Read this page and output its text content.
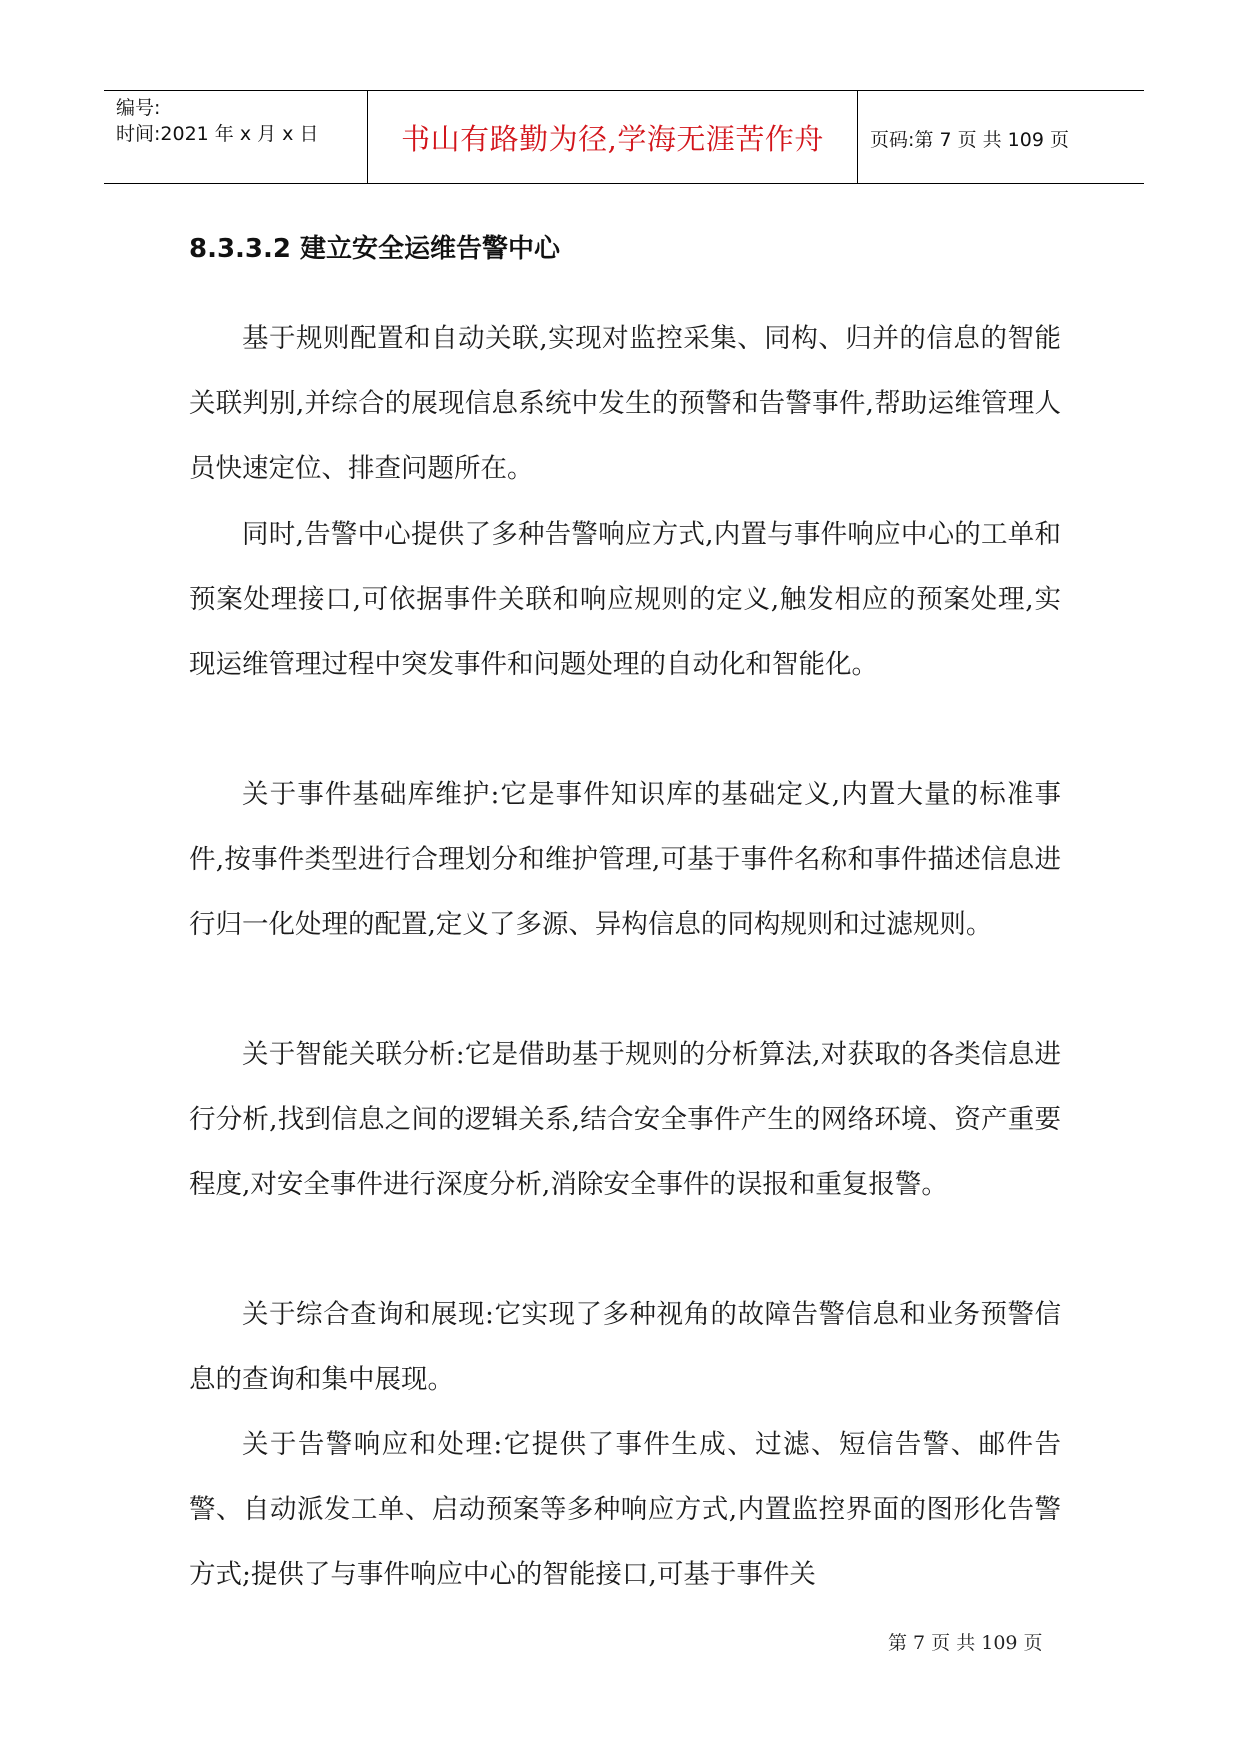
编号:
时间:2021 年 x 月 x 日	书山有路勤为径,学海无涯苦作舟	页码:第 7 页 共 109 页
8.3.3.2 建立安全运维告警中心

基于规则配置和自动关联,实现对监控采集、同构、归并的信息的智能关联判别,并综合的展现信息系统中发生的预警和告警事件,帮助运维管理人员快速定位、排查问题所在。

同时,告警中心提供了多种告警响应方式,内置与事件响应中心的工单和预案处理接口,可依据事件关联和响应规则的定义,触发相应的预案处理,实现运维管理过程中突发事件和问题处理的自动化和智能化。

关于事件基础库维护:它是事件知识库的基础定义,内置大量的标准事件,按事件类型进行合理划分和维护管理,可基于事件名称和事件描述信息进行归一化处理的配置,定义了多源、异构信息的同构规则和过滤规则。

关于智能关联分析:它是借助基于规则的分析算法,对获取的各类信息进行分析,找到信息之间的逻辑关系,结合安全事件产生的网络环境、资产重要程度,对安全事件进行深度分析,消除安全事件的误报和重复报警。

关于综合查询和展现:它实现了多种视角的故障告警信息和业务预警信息的查询和集中展现。

关于告警响应和处理:它提供了事件生成、过滤、短信告警、邮件告警、自动派发工单、启动预案等多种响应方式,内置监控界面的图形化告警方式;提供了与事件响应中心的智能接口,可基于事件关

第 7 页 共 109 页
